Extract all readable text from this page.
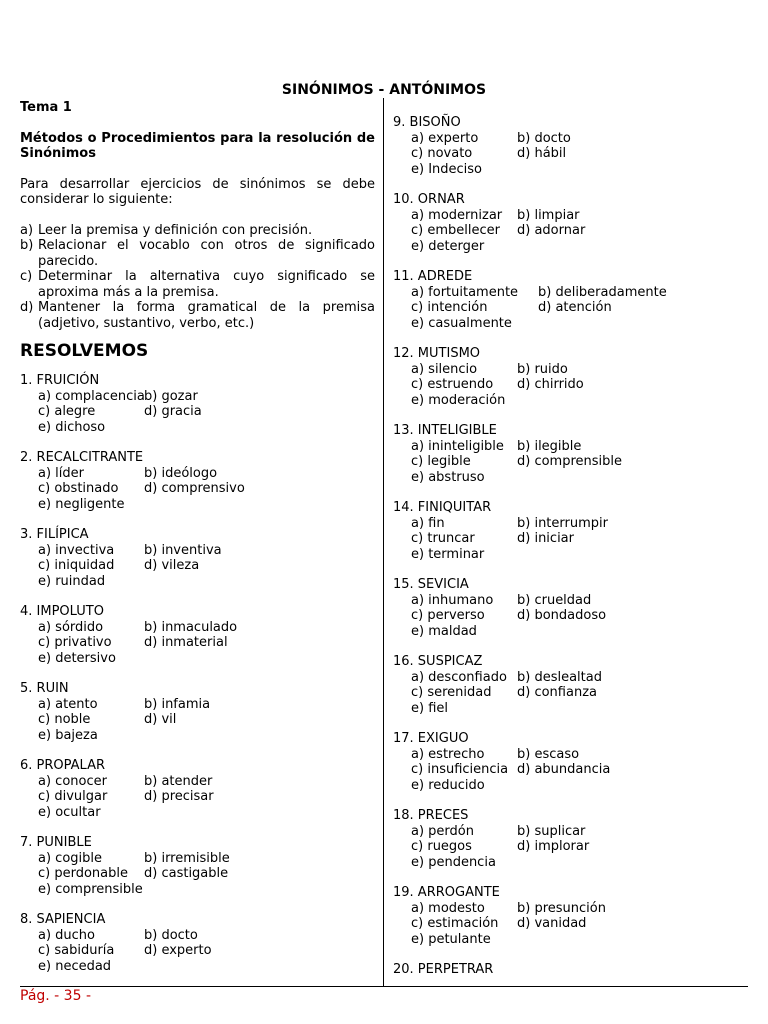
SINÓNIMOS - ANTÓNIMOS

Tema 1

Métodos o Procedimientos para la resolución de Sinónimos

Para desarrollar ejercicios de sinónimos se debe considerar lo siguiente:

a) Leer la premisa y definición con precisión.
b) Relacionar el vocablo con otros de significado parecido.
c) Determinar la alternativa cuyo significado se aproxima más a la premisa.
d) Mantener la forma gramatical de la premisa (adjetivo, sustantivo, verbo, etc.)
RESOLVEMOS
1. FRUICIÓN
a) complacencia b) gozar
c) alegre	d) gracia
e) dichoso
2. RECALCITRANTE
a) líder	b) ideólogo
c) obstinado	d) comprensivo
e) negligente
3. FILÍPICA
a) invectiva	b) inventiva
c) iniquidad	d) vileza
e) ruindad
4. IMPOLUTO
a) sórdido	b) inmaculado
c) privativo	d) inmaterial
e) detersivo
5. RUIN
a) atento	b) infamia
c) noble	d) vil
e) bajeza
6. PROPALAR
a) conocer	b) atender
c) divulgar	d) precisar
e) ocultar
7. PUNIBLE
a) cogible	b) irremisible
c) perdonable	d) castigable
e) comprensible
8. SAPIENCIA
a) ducho	b) docto
c) sabiduría	d) experto
e) necedad
9. BISOÑO
a) experto	b) docto
c) novato	d) hábil
e) Indeciso
10. ORNAR
a) modernizar	b) limpiar
c) embellecer	d) adornar
e) deterger
11. ADREDE
a) fortuitamente	b) deliberadamente
c) intención	d) atención
e) casualmente
12. MUTISMO
a) silencio	b) ruido
c) estruendo	d) chirrido
e) moderación
13. INTELIGIBLE
a) ininteligible	b) ilegible
c) legible	d) comprensible
e) abstruso
14. FINIQUITAR
a) fin	b) interrumpir
c) truncar	d) iniciar
e) terminar
15. SEVICIA
a) inhumano	b) crueldad
c) perverso	d) bondadoso
e) maldad
16. SUSPICAZ
a) desconfiado b) deslealtad
c) serenidad	d) confianza
e) fiel
17. EXIGUO
a) estrecho	b) escaso
c) insuficiencia d) abundancia
e) reducido
18. PRECES
a) perdón	b) suplicar
c) ruegos	d) implorar
e) pendencia
19. ARROGANTE
a) modesto	b) presunción
c) estimación	d) vanidad
e) petulante
20. PERPETRAR
Pág. - 35 -
